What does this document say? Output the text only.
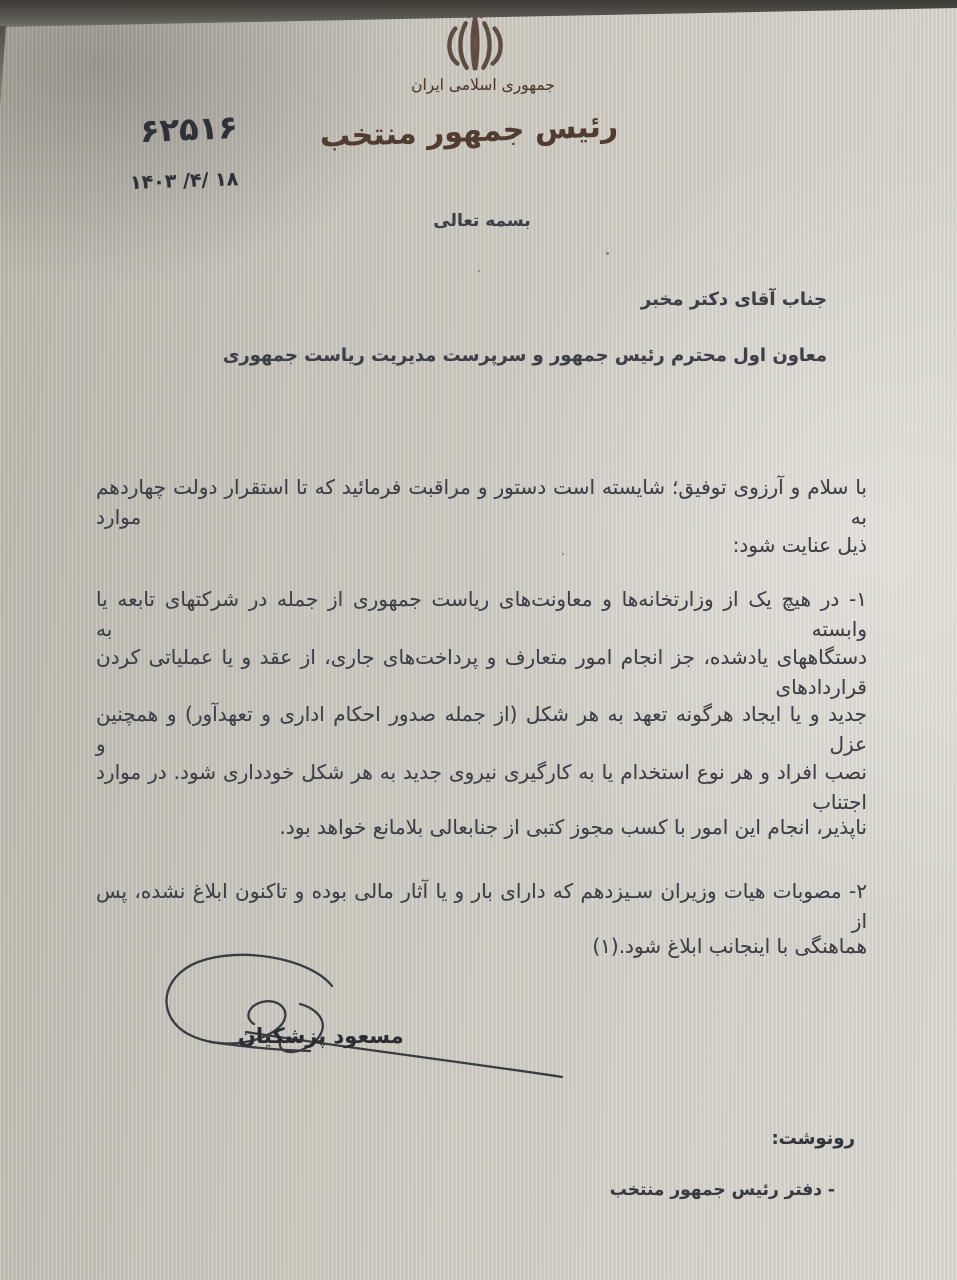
جمهوری اسلامی ایران
رئیس جمهور منتخب
۶۲۵۱۶
۱۴۰۳ /۴/ ۱۸
بسمه تعالی
جناب آقای دکتر مخبر
معاون اول محترم رئیس جمهور و سرپرست مدیریت ریاست جمهوری
با سلام و آرزوی توفیق؛ شایسته است دستور و مراقبت فرمائید که تا استقرار دولت چهاردهم به موارد
ذیل عنایت شود:
۱- در هیچ یک از وزارتخانه‌ها و معاونت‌های ریاست جمهوری از جمله در شرکتهای تابعه یا وابسته به
دستگاههای یادشده، جز انجام امور متعارف و پرداخت‌های جاری، از عقد و یا عملیاتی کردن قراردادهای
جدید و یا ایجاد هرگونه تعهد به هر شکل (از جمله صدور احکام اداری و تعهدآور) و همچنین عزل و
نصب افراد و هر نوع استخدام یا به کارگیری نیروی جدید به هر شکل خودداری شود. در موارد اجتناب
ناپذیر، انجام این امور با کسب مجوز کتبی از جنابعالی بلامانع خواهد بود.
۲- مصوبات هیات وزیران سـیزدهم که دارای بار و یا آثار مالی بوده و تاکنون ابلاغ نشده، پس از
هماهنگی با اینجانب ابلاغ شود.(۱)
مسعود پزشکیان
رونوشت:
- دفتر رئیس جمهور منتخب
